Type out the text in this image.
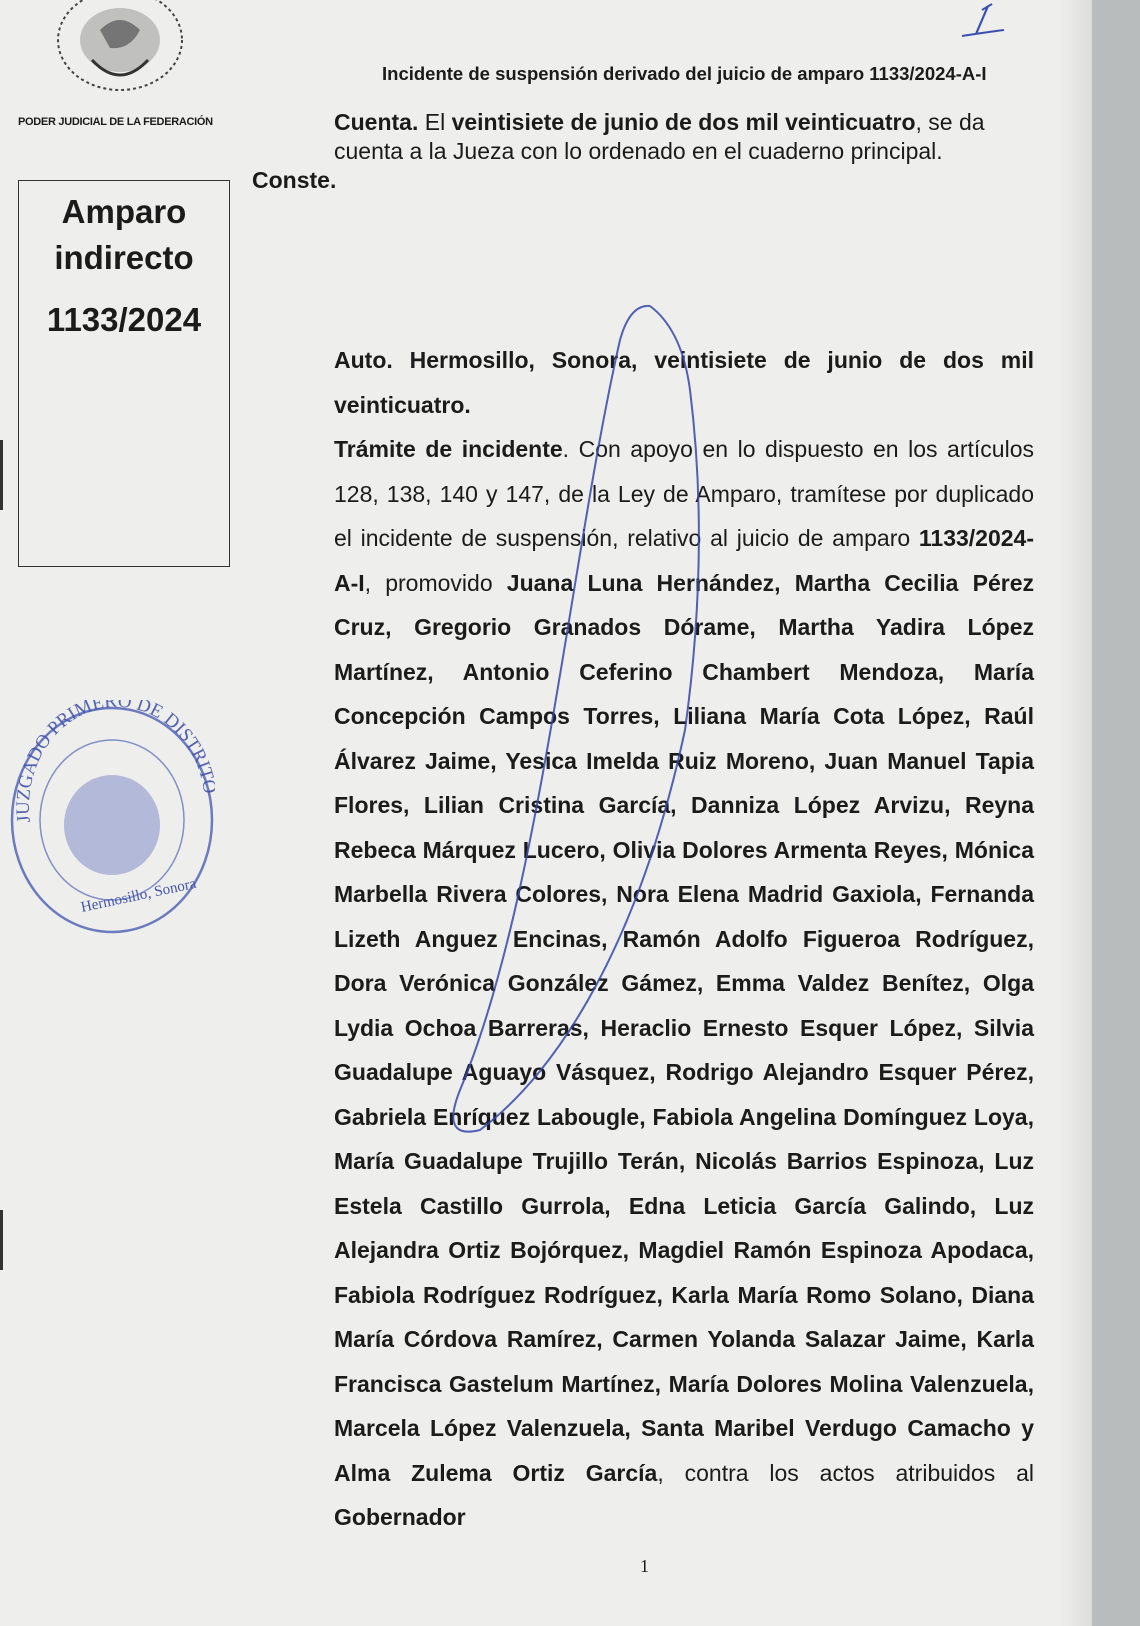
PODER JUDICIAL DE LA FEDERACIÓN
Amparo indirecto
1133/2024
Incidente de suspensión derivado del juicio de amparo 1133/2024-A-I

Cuenta. El veintisiete de junio de dos mil veinticuatro, se da cuenta a la Jueza con lo ordenado en el cuaderno principal.

Conste.

Auto. Hermosillo, Sonora, veintisiete de junio de dos mil veinticuatro.

Trámite de incidente. Con apoyo en lo dispuesto en los artículos 128, 138, 140 y 147, de la Ley de Amparo, tramítese por duplicado el incidente de suspensión, relativo al juicio de amparo 1133/2024-A-I, promovido Juana Luna Hernández, Martha Cecilia Pérez Cruz, Gregorio Granados Dórame, Martha Yadira López Martínez, Antonio Ceferino Chambert Mendoza, María Concepción Campos Torres, Liliana María Cota López, Raúl Álvarez Jaime, Yesica Imelda Ruiz Moreno, Juan Manuel Tapia Flores, Lilian Cristina García, Danniza López Arvizu, Reyna Rebeca Márquez Lucero, Olivia Dolores Armenta Reyes, Mónica Marbella Rivera Colores, Nora Elena Madrid Gaxiola, Fernanda Lizeth Anguez Encinas, Ramón Adolfo Figueroa Rodríguez, Dora Verónica González Gámez, Emma Valdez Benítez, Olga Lydia Ochoa Barreras, Heraclio Ernesto Esquer López, Silvia Guadalupe Aguayo Vásquez, Rodrigo Alejandro Esquer Pérez, Gabriela Enríquez Labougle, Fabiola Angelina Domínguez Loya, María Guadalupe Trujillo Terán, Nicolás Barrios Espinoza, Luz Estela Castillo Gurrola, Edna Leticia García Galindo, Luz Alejandra Ortiz Bojórquez, Magdiel Ramón Espinoza Apodaca, Fabiola Rodríguez Rodríguez, Karla María Romo Solano, Diana María Córdova Ramírez, Carmen Yolanda Salazar Jaime, Karla Francisca Gastelum Martínez, María Dolores Molina Valenzuela, Marcela López Valenzuela, Santa Maribel Verdugo Camacho y Alma Zulema Ortiz García, contra los actos atribuidos al Gobernador

JUZGADO PRIMERO DE DISTRI
Hermosillo, Sonora
1
